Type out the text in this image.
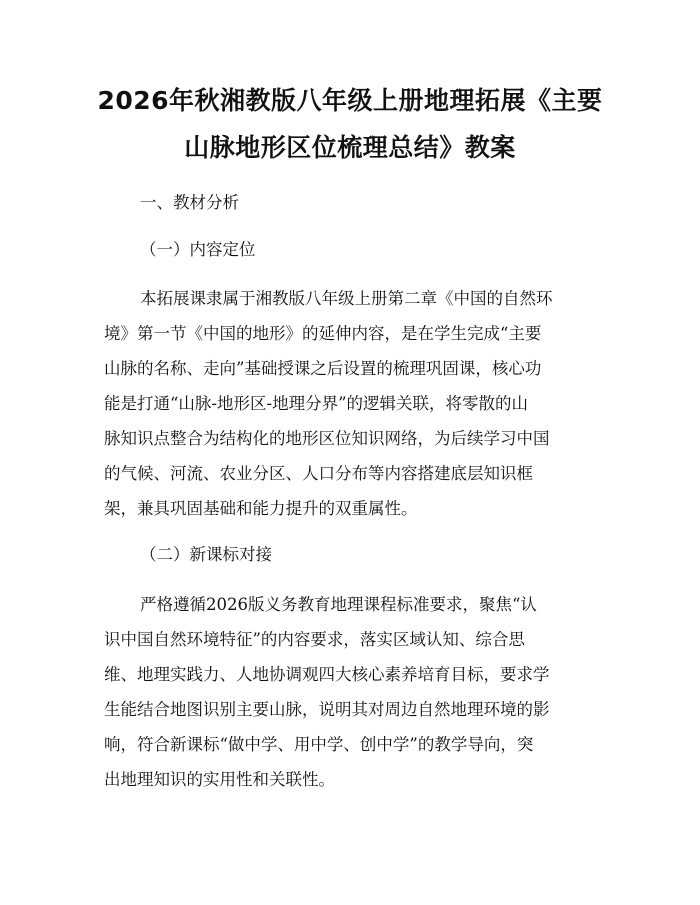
2026年秋湘教版八年级上册地理拓展《主要
山脉地形区位梳理总结》教案
一、教材分析
（一）内容定位
本拓展课隶属于湘教版八年级上册第二章《中国的自然环
境》第一节《中国的地形》的延伸内容，是在学生完成“主要
山脉的名称、走向”基础授课之后设置的梳理巩固课，核心功
能是打通“山脉-地形区-地理分界”的逻辑关联，将零散的山
脉知识点整合为结构化的地形区位知识网络，为后续学习中国
的气候、河流、农业分区、人口分布等内容搭建底层知识框
架，兼具巩固基础和能力提升的双重属性。
（二）新课标对接
严格遵循2026版义务教育地理课程标准要求，聚焦“认
识中国自然环境特征”的内容要求，落实区域认知、综合思
维、地理实践力、人地协调观四大核心素养培育目标，要求学
生能结合地图识别主要山脉，说明其对周边自然地理环境的影
响，符合新课标“做中学、用中学、创中学”的教学导向，突
出地理知识的实用性和关联性。
